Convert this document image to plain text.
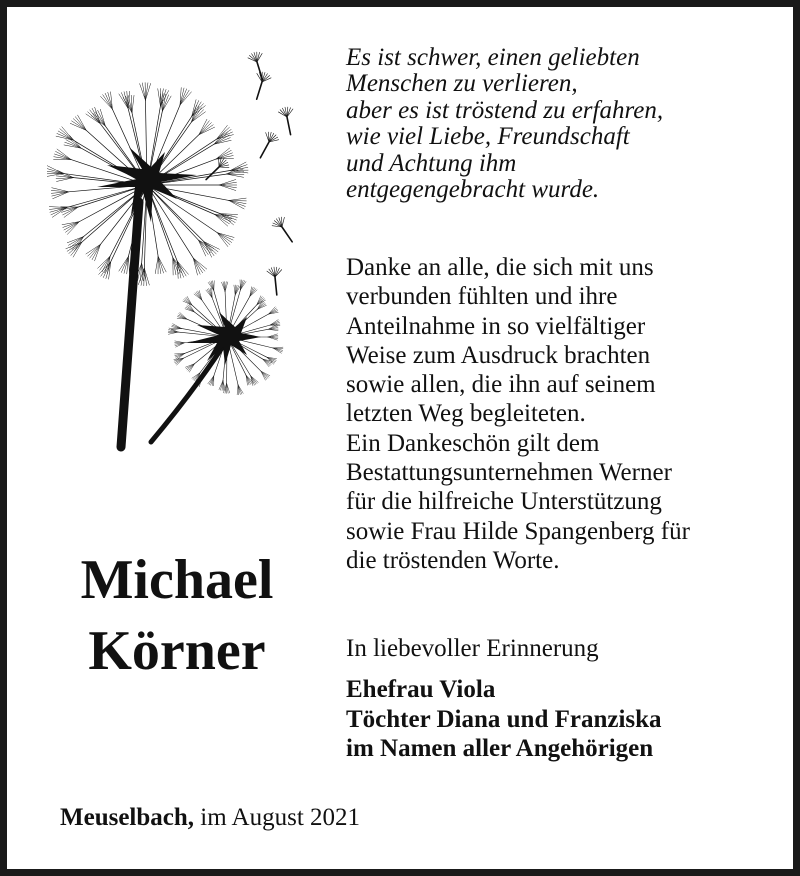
Es ist schwer, einen geliebten
Menschen zu verlieren,
aber es ist tröstend zu erfahren,
wie viel Liebe, Freundschaft
und Achtung ihm
entgegengebracht wurde.
Danke an alle, die sich mit uns
verbunden fühlten und ihre
Anteilnahme in so vielfältiger
Weise zum Ausdruck brachten
sowie allen, die ihn auf seinem
letzten Weg begleiteten.
Ein Dankeschön gilt dem
Bestattungsunternehmen Werner
für die hilfreiche Unterstützung
sowie Frau Hilde Spangenberg für
die tröstenden Worte.
Michael
Körner	In liebevoller Erinnerung
Ehefrau Viola
Töchter Diana und Franziska
im Namen aller Angehörigen
Meuselbach, im August 2021
